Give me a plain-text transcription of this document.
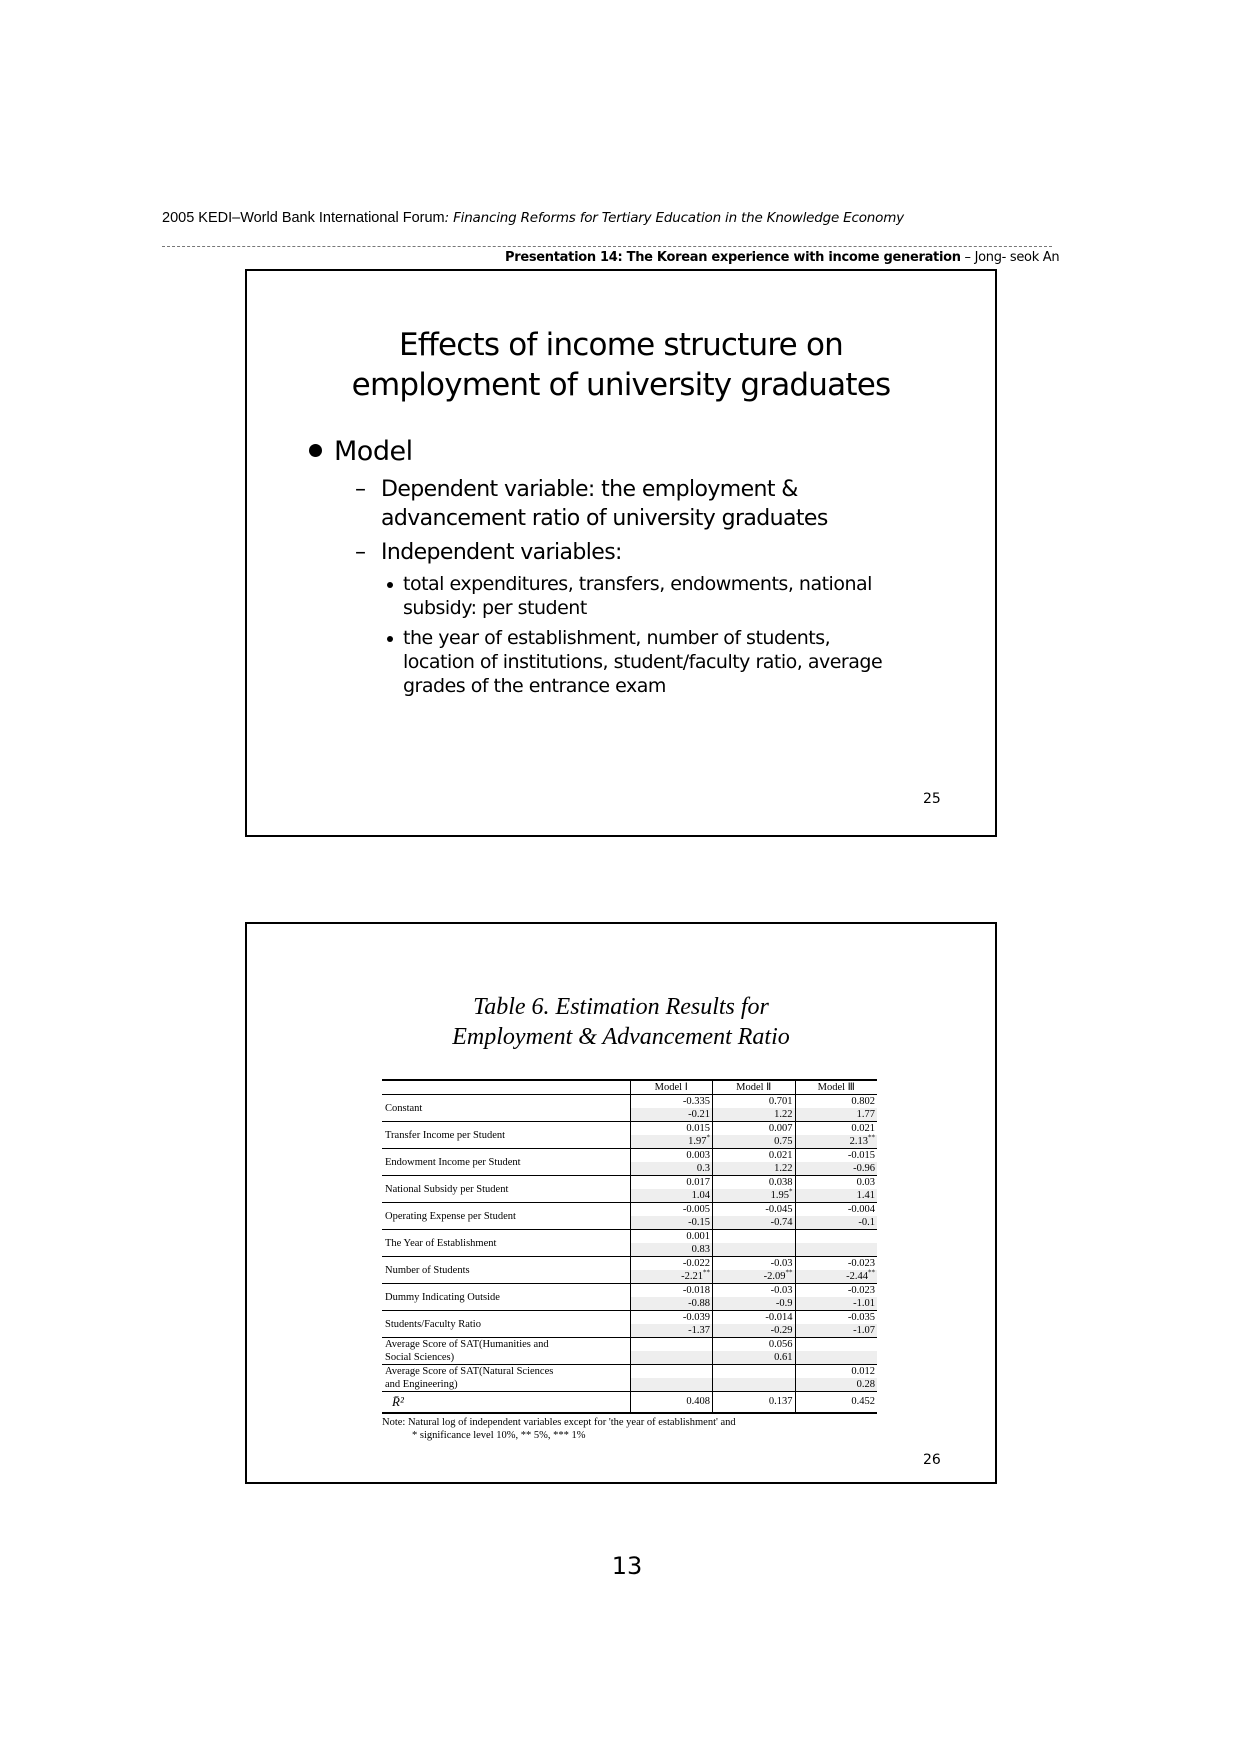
2005 KEDI–World Bank International Forum: Financing Reforms for Tertiary Education in the Knowledge Economy
Presentation 14: The Korean experience with income generation – Jong- seok An
Effects of income structure on
employment of university graduates
Model
– Dependent variable: the employment &
advancement ratio of university graduates
– Independent variables:
total expenditures, transfers, endowments, national
subsidy: per student
the year of establishment, number of students,
location of institutions, student/faculty ratio, average
grades of the entrance exam
25
Table 6. Estimation Results for
Employment & Advancement Ratio
	Model Ⅰ	Model Ⅱ	Model Ⅲ
Constant	-0.335	0.701	0.802
	-0.21	1.22	1.77
Transfer Income per Student	0.015	0.007	0.021
	1.97*	0.75	2.13**
Endowment Income per Student	0.003	0.021	-0.015
	0.3	1.22	-0.96
National Subsidy per Student	0.017	0.038	0.03
	1.04	1.95*	1.41
Operating Expense per Student	-0.005	-0.045	-0.004
	-0.15	-0.74	-0.1
The Year of Establishment	0.001		
	0.83		
Number of Students	-0.022	-0.03	-0.023
	-2.21**	-2.09**	-2.44**
Dummy Indicating Outside	-0.018	-0.03	-0.023
	-0.88	-0.9	-1.01
Students/Faculty Ratio	-0.039	-0.014	-0.035
	-1.37	-0.29	-1.07
Average Score of SAT(Humanities and		0.056	
Social Sciences)		0.61	
Average Score of SAT(Natural Sciences			0.012
and Engineering)			0.28
R̄²	0.408	0.137	0.452
Note: Natural log of independent variables except for 'the year of establishment' and
* significance level 10%, ** 5%, *** 1%
26
13
